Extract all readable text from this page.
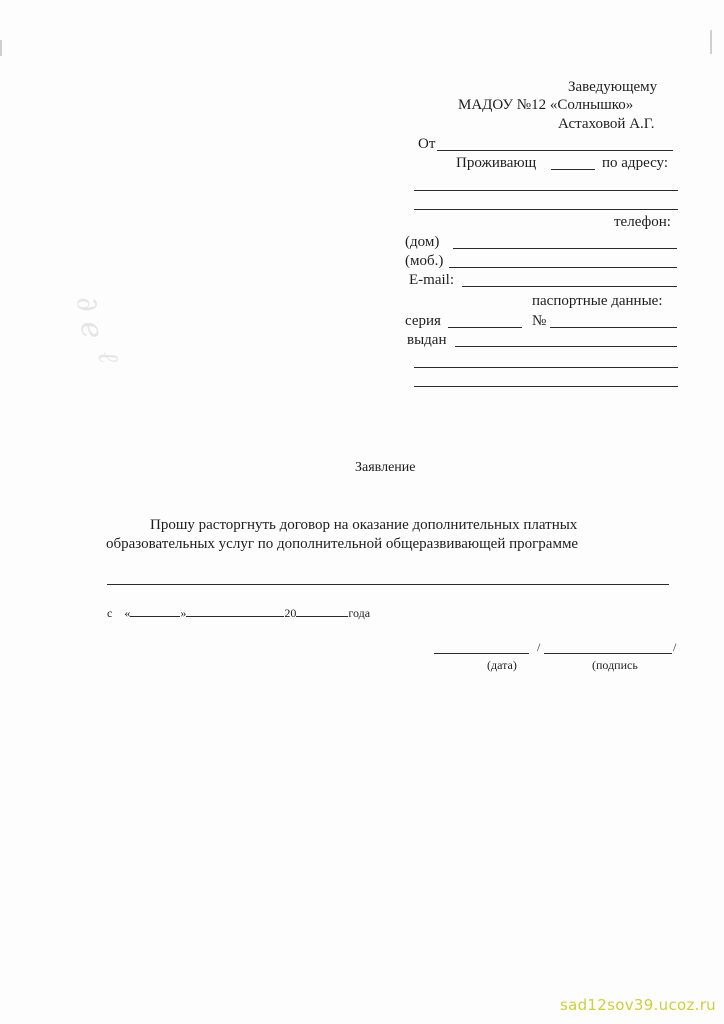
Заведующему
МАДОУ №12 «Солнышко»
Астаховой А.Г.
От
Проживающ	по адресу:
телефон:
(дом)
(моб.)
E-mail:
паспортные данные:
серия	№
выдан
Заявление
Прошу расторгнуть договор на оказание дополнительных платных
образовательных услуг по дополнительной общеразвивающей программе
с «	»	20	года
/	/
(дата)	(подпись
∂ e
ℓ
sad12sov39.ucoz.ru
